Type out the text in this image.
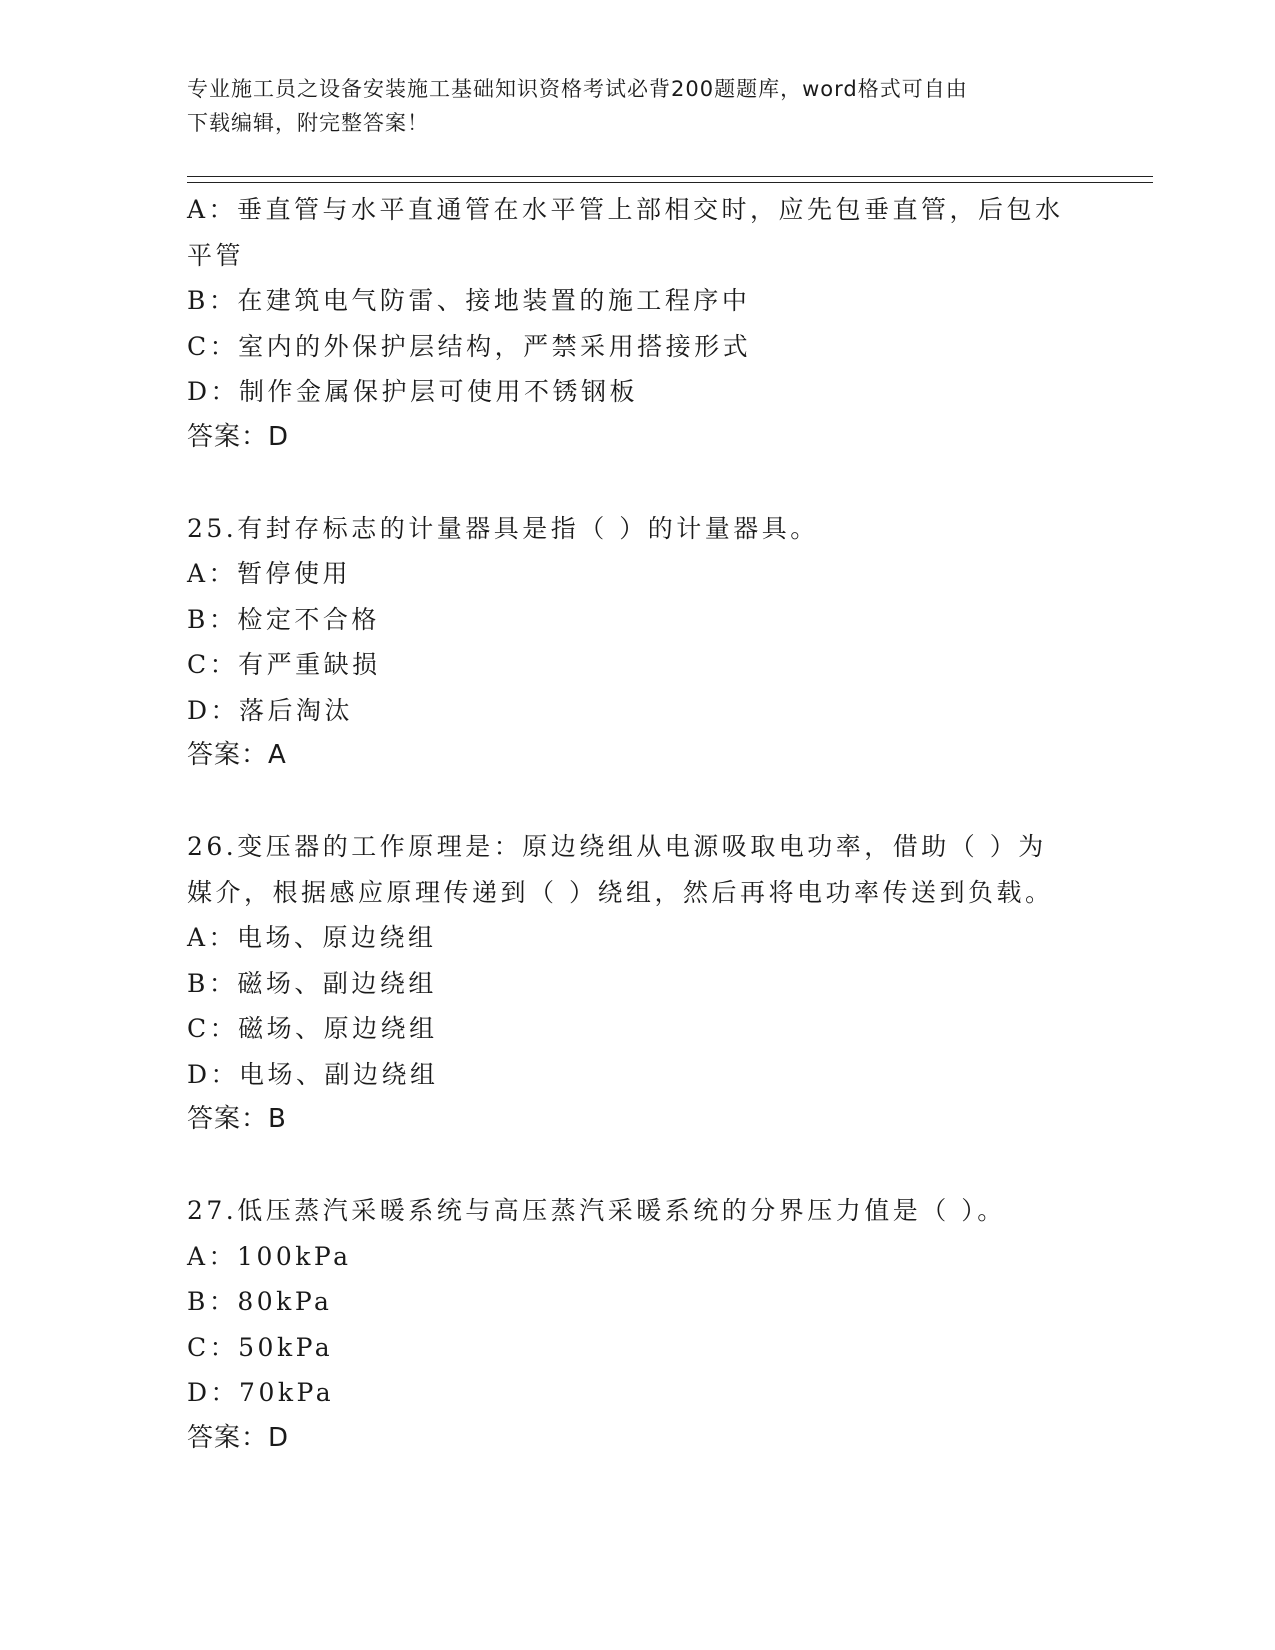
专业施工员之设备安装施工基础知识资格考试必背200题题库，word格式可自由
下载编辑，附完整答案！
A：垂直管与水平直通管在水平管上部相交时，应先包垂直管，后包水
平管
B：在建筑电气防雷、接地装置的施工程序中
C：室内的外保护层结构，严禁采用搭接形式
D：制作金属保护层可使用不锈钢板
答案：D
25.有封存标志的计量器具是指（ ）的计量器具。
A：暂停使用
B：检定不合格
C：有严重缺损
D：落后淘汰
答案：A
26.变压器的工作原理是：原边绕组从电源吸取电功率，借助（ ）为
媒介，根据感应原理传递到（ ）绕组，然后再将电功率传送到负载。
A：电场、原边绕组
B：磁场、副边绕组
C：磁场、原边绕组
D：电场、副边绕组
答案：B
27.低压蒸汽采暖系统与高压蒸汽采暖系统的分界压力值是（ ）。
A：100kPa
B：80kPa
C：50kPa
D：70kPa
答案：D
